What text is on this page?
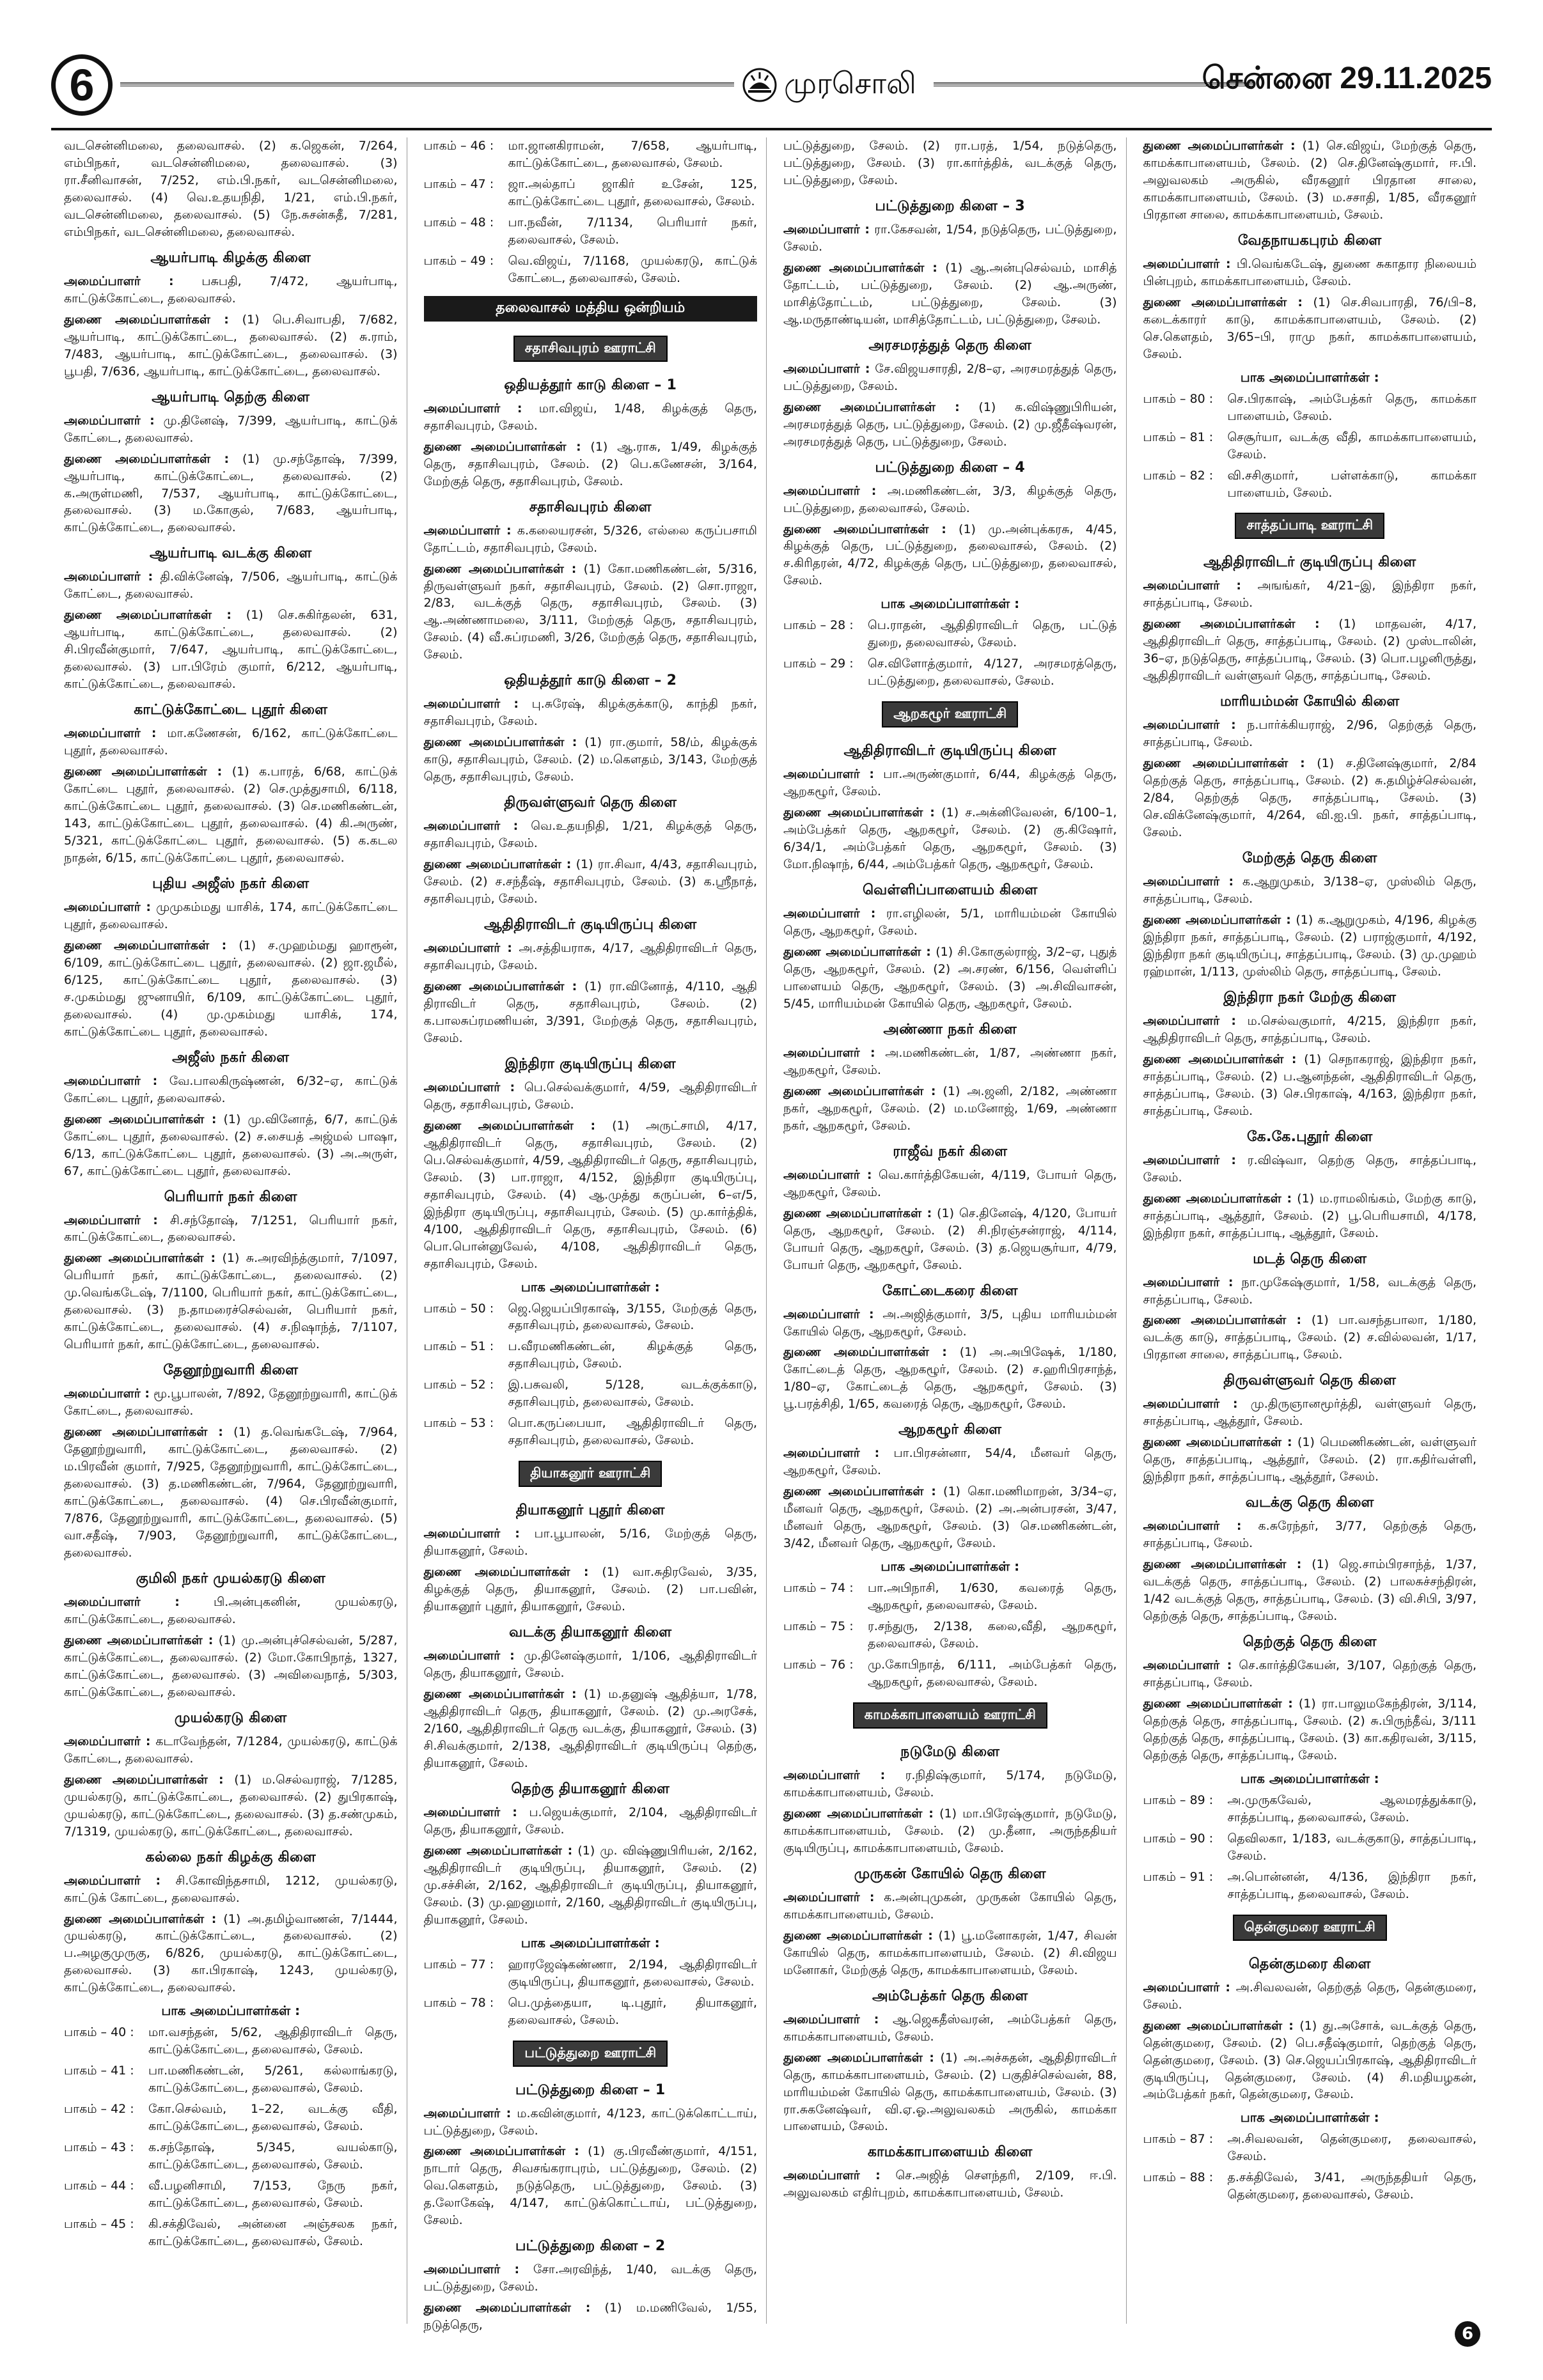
6	முரசொலி	சென்னை 29.11.2025
வடசென்னிமலை, தலைவாசல். (2) க.ஜெகன், 7/264, எம்பிநகர், வடசென்னிமலை, தலைவாசல். (3) ரா.சீனிவாசன், 7/252, எம்.பி.நகர், வடசென்னிமலை, தலைவாசல். (4) வெ.உதயநிதி, 1/21, எம்.பி.நகர், வடசென்னிமலை, தலைவாசல். (5) நே.சுசன்சுதீ, 7/281, எம்பிநகர், வடசென்னிமலை, தலைவாசல்.
ஆயர்பாடி கிழக்கு கிளை
அமைப்பாளர் : பசுபதி, 7/472, ஆயர்பாடி, காட்டுக்கோட்டை, தலைவாசல்.
துணை அமைப்பாளர்கள் : (1) பெ.சிவாபதி, 7/682, ஆயர்பாடி, காட்டுக்கோட்டை, தலைவாசல். (2) சு.ராம், 7/483, ஆயர்பாடி, காட்டுக்கோட்டை, தலைவாசல். (3) பூபதி, 7/636, ஆயர்பாடி, காட்டுக்கோட்டை, தலைவாசல்.
ஆயர்பாடி தெற்கு கிளை
அமைப்பாளர் : மு.தினேஷ், 7/399, ஆயர்பாடி, காட்டுக் கோட்டை, தலைவாசல்.
துணை அமைப்பாளர்கள் : (1) மு.சந்தோஷ், 7/399, ஆயர்பாடி, காட்டுக்கோட்டை, தலைவாசல். (2) க.அருள்மணி, 7/537, ஆயர்பாடி, காட்டுக்கோட்டை, தலைவாசல். (3) ம.கோகுல், 7/683, ஆயர்பாடி, காட்டுக்கோட்டை, தலைவாசல்.
ஆயர்பாடி வடக்கு கிளை
அமைப்பாளர் : தி.விக்னேஷ், 7/506, ஆயர்பாடி, காட்டுக் கோட்டை, தலைவாசல்.
துணை அமைப்பாளர்கள் : (1) செ.சுகிர்தலன், 631, ஆயர்பாடி, காட்டுக்கோட்டை, தலைவாசல். (2) சி.பிரவீன்குமார், 7/647, ஆயர்பாடி, காட்டுக்கோட்டை, தலைவாசல். (3) பா.பிரேம் குமார், 6/212, ஆயர்பாடி, காட்டுக்கோட்டை, தலைவாசல்.
காட்டுக்கோட்டை புதூர் கிளை
அமைப்பாளர் : மா.கணேசன், 6/162, காட்டுக்கோட்டை புதூர், தலைவாசல்.
துணை அமைப்பாளர்கள் : (1) க.பாரத், 6/68, காட்டுக் கோட்டை புதூர், தலைவாசல். (2) செ.முத்துசாமி, 6/118, காட்டுக்கோட்டை புதூர், தலைவாசல். (3) செ.மணிகண்டன், 143, காட்டுக்கோட்டை புதூர், தலைவாசல். (4) கி.அருண், 5/321, காட்டுக்கோட்டை புதூர், தலைவாசல். (5) க.கடல நாதன், 6/15, காட்டுக்கோட்டை புதூர், தலைவாசல்.
புதிய அஜீஸ் நகர் கிளை
அமைப்பாளர் : முமுகம்மது யாசிக், 174, காட்டுக்கோட்டை புதூர், தலைவாசல்.
துணை அமைப்பாளர்கள் : (1) ச.முஹம்மது ஹாரூன், 6/109, காட்டுக்கோட்டை புதூர், தலைவாசல். (2) ஜா.ஜமீல், 6/125, காட்டுக்கோட்டை புதூர், தலைவாசல். (3) ச.முகம்மது ஜுனாயிர், 6/109, காட்டுக்கோட்டை புதூர், தலைவாசல். (4) மு.முகம்மது யாசிக், 174, காட்டுக்கோட்டை புதூர், தலைவாசல்.
அஜீஸ் நகர் கிளை
அமைப்பாளர் : வே.பாலகிருஷ்ணன், 6/32–ஏ, காட்டுக் கோட்டை புதூர், தலைவாசல்.
துணை அமைப்பாளர்கள் : (1) மு.வினோத், 6/7, காட்டுக் கோட்டை புதூர், தலைவாசல். (2) ச.சையத் அஜ்மல் பாஷா, 6/13, காட்டுக்கோட்டை புதூர், தலைவாசல். (3) அ.அருள், 67, காட்டுக்கோட்டை புதூர், தலைவாசல்.
பெரியார் நகர் கிளை
அமைப்பாளர் : சி.சந்தோஷ், 7/1251, பெரியார் நகர், காட்டுக்கோட்டை, தலைவாசல்.
துணை அமைப்பாளர்கள் : (1) சு.அரவிந்த்குமார், 7/1097, பெரியார் நகர், காட்டுக்கோட்டை, தலைவாசல். (2) மு.வெங்கடேஷ், 7/1100, பெரியார் நகர், காட்டுக்கோட்டை, தலைவாசல். (3) ந.தாமரைச்செல்வன், பெரியார் நகர், காட்டுக்கோட்டை, தலைவாசல். (4) ச.நிஷாந்த், 7/1107, பெரியார் நகர், காட்டுக்கோட்டை, தலைவாசல்.
தேனூற்றுவாரி கிளை
அமைப்பாளர் : மூ.பூபாலன், 7/892, தேனூற்றுவாரி, காட்டுக் கோட்டை, தலைவாசல்.
துணை அமைப்பாளர்கள் : (1) த.வெங்கடேஷ், 7/964, தேனூற்றுவாரி, காட்டுக்கோட்டை, தலைவாசல். (2) ம.பிரவீன் குமார், 7/925, தேனூற்றுவாரி, காட்டுக்கோட்டை, தலைவாசல். (3) த.மணிகண்டன், 7/964, தேனூற்றுவாரி, காட்டுக்கோட்டை, தலைவாசல். (4) செ.பிரவீன்குமார், 7/876, தேனூற்றுவாரி, காட்டுக்கோட்டை, தலைவாசல். (5) வா.சதீஷ், 7/903, தேனூற்றுவாரி, காட்டுக்கோட்டை, தலைவாசல்.
குமிலி நகர் முயல்கரடு கிளை
அமைப்பாளர் :	பி.அன்புகனின், முயல்கரடு, காட்டுக்கோட்டை, தலைவாசல்.
துணை அமைப்பாளர்கள் : (1) மு.அன்புச்செல்வன், 5/287, காட்டுக்கோட்டை, தலைவாசல். (2) மோ.கோபிநாத், 1327, காட்டுக்கோட்டை, தலைவாசல். (3) அவிவைநாத், 5/303, காட்டுக்கோட்டை, தலைவாசல்.
முயல்கரடு கிளை
அமைப்பாளர் : கடாவேந்தன், 7/1284, முயல்கரடு, காட்டுக் கோட்டை, தலைவாசல்.
துணை அமைப்பாளர்கள் : (1) ம.செல்வராஜ், 7/1285, முயல்கரடு, காட்டுக்கோட்டை, தலைவாசல். (2) துபிரகாஷ், முயல்கரடு, காட்டுக்கோட்டை, தலைவாசல். (3) த.சண்முகம், 7/1319, முயல்கரடு, காட்டுக்கோட்டை, தலைவாசல்.
கல்லை நகர் கிழக்கு கிளை
அமைப்பாளர் : சி.கோவிந்தசாமி, 1212, முயல்கரடு, காட்டுக் கோட்டை, தலைவாசல்.
துணை அமைப்பாளர்கள் : (1) அ.தமிழ்வாணன், 7/1444, முயல்கரடு, காட்டுக்கோட்டை, தலைவாசல். (2) ப.அழகுமுருகு, 6/826, முயல்கரடு, காட்டுக்கோட்டை, தலைவாசல். (3) கா.பிரகாஷ், 1243, முயல்கரடு, காட்டுக்கோட்டை, தலைவாசல்.
பாக அமைப்பாளர்கள் :
பாகம் – 40 :	மா.வசந்தன், 5/62, ஆதிதிராவிடர் தெரு, காட்டுக்கோட்டை, தலைவாசல், சேலம்.
பாகம் – 41 :	பா.மணிகண்டன், 5/261, கல்லாங்கரடு, காட்டுக்கோட்டை, தலைவாசல், சேலம்.
பாகம் – 42 :	கோ.செல்வம், 1–22, வடக்கு வீதி, காட்டுக்கோட்டை, தலைவாசல், சேலம்.
பாகம் – 43 :	க.சந்தோஷ், 5/345, வயல்காடு, காட்டுக்கோட்டை, தலைவாசல், சேலம்.
பாகம் – 44 :	வீ.பழனிசாமி, 7/153, நேரு நகர், காட்டுக்கோட்டை, தலைவாசல், சேலம்.
பாகம் – 45 :	கி.சக்திவேல், அன்னை அஞ்சலக நகர், காட்டுக்கோட்டை, தலைவாசல், சேலம்.
பாகம் – 46 :	மா.ஜானகிராமன், 7/658, ஆயர்பாடி, காட்டுக்கோட்டை, தலைவாசல், சேலம்.
பாகம் – 47 :	ஜா.அல்தாப் ஜாகிர் உசேன், 125, காட்டுக்கோட்டை புதூர், தலைவாசல், சேலம்.
பாகம் – 48 :	பா.நவீன், 7/1134, பெரியார் நகர், தலைவாசல், சேலம்.
பாகம் – 49 :	வெ.விஜய், 7/1168, முயல்கரடு, காட்டுக் கோட்டை, தலைவாசல், சேலம்.
தலைவாசல் மத்திய ஒன்றியம்
சதாசிவபுரம் ஊராட்சி
ஒதியத்தூர் காடு கிளை – 1
அமைப்பாளர் : மா.விஜய், 1/48, கிழக்குத் தெரு, சதாசிவபுரம், சேலம்.
துணை அமைப்பாளர்கள் : (1) ஆ.ராசு, 1/49, கிழக்குத் தெரு, சதாசிவபுரம், சேலம். (2) பெ.கணேசன், 3/164, மேற்குத் தெரு, சதாசிவபுரம், சேலம்.
சதாசிவபுரம் கிளை
அமைப்பாளர் : க.கலையரசன், 5/326, எல்லை கருப்பசாமி தோட்டம், சதாசிவபுரம், சேலம்.
துணை அமைப்பாளர்கள் : (1) கோ.மணிகண்டன், 5/316, திருவள்ளுவர் நகர், சதாசிவபுரம், சேலம். (2) சொ.ராஜா, 2/83, வடக்குத் தெரு, சதாசிவபுரம், சேலம். (3) ஆ.அண்ணாமலை, 3/111, மேற்குத் தெரு, சதாசிவபுரம், சேலம். (4) வீ.சுப்ரமணி, 3/26, மேற்குத் தெரு, சதாசிவபுரம், சேலம்.
ஒதியத்தூர் காடு கிளை – 2
அமைப்பாளர் : பு.சுரேஷ், கிழக்குக்காடு, காந்தி நகர், சதாசிவபுரம், சேலம்.
துணை அமைப்பாளர்கள் : (1) ரா.குமார், 58/ம், கிழக்குக் காடு, சதாசிவபுரம், சேலம். (2) ம.கௌதம், 3/143, மேற்குத் தெரு, சதாசிவபுரம், சேலம்.
திருவள்ளுவர் தெரு கிளை
அமைப்பாளர் : வெ.உதயநிதி, 1/21, கிழக்குத் தெரு, சதாசிவபுரம், சேலம்.
துணை அமைப்பாளர்கள் : (1) ரா.சிவா, 4/43, சதாசிவபுரம், சேலம். (2) ச.சந்தீஷ், சதாசிவபுரம், சேலம். (3) க.ஸ்ரீநாத், சதாசிவபுரம், சேலம்.
ஆதிதிராவிடர் குடியிருப்பு கிளை
அமைப்பாளர் : அ.சத்தியராசு, 4/17, ஆதிதிராவிடர் தெரு, சதாசிவபுரம், சேலம்.
துணை அமைப்பாளர்கள் : (1) ரா.வினோத், 4/110, ஆதி திராவிடர் தெரு, சதாசிவபுரம், சேலம். (2) க.பாலசுப்ரமணியன், 3/391, மேற்குத் தெரு, சதாசிவபுரம், சேலம்.
இந்திரா குடியிருப்பு கிளை
அமைப்பாளர் : பெ.செல்வக்குமார், 4/59, ஆதிதிராவிடர் தெரு, சதாசிவபுரம், சேலம்.
துணை அமைப்பாளர்கள் : (1) அருட்சாமி, 4/17, ஆதிதிராவிடர் தெரு, சதாசிவபுரம், சேலம். (2) பெ.செல்வக்குமார், 4/59, ஆதிதிராவிடர் தெரு, சதாசிவபுரம், சேலம். (3) பா.ராஜா, 4/152, இந்திரா குடியிருப்பு, சதாசிவபுரம், சேலம். (4) ஆ.முத்து கருப்பன், 6–எ/5, இந்திரா குடியிருப்பு, சதாசிவபுரம், சேலம். (5) மு.கார்த்திக், 4/100, ஆதிதிராவிடர் தெரு, சதாசிவபுரம், சேலம். (6) பொ.பொன்னுவேல், 4/108, ஆதிதிராவிடர் தெரு, சதாசிவபுரம், சேலம்.
பாக அமைப்பாளர்கள் :
பாகம் – 50 :	ஜெ.ஜெயப்பிரகாஷ், 3/155, மேற்குத் தெரு, சதாசிவபுரம், தலைவாசல், சேலம்.
பாகம் – 51 :	ப.வீரமணிகண்டன், கிழக்குத் தெரு, சதாசிவபுரம், சேலம்.
பாகம் – 52 :	இ.பசுவலி, 5/128, வடக்குக்காடு, சதாசிவபுரம், தலைவாசல், சேலம்.
பாகம் – 53 :	பொ.கருப்பையா, ஆதிதிராவிடர் தெரு, சதாசிவபுரம், தலைவாசல், சேலம்.
தியாகனூர் ஊராட்சி
தியாகனூர் புதூர் கிளை
அமைப்பாளர் : பா.பூபாலன், 5/16, மேற்குத் தெரு, தியாகனூர், சேலம்.
துணை அமைப்பாளர்கள் : (1) வா.சுதிரவேல், 3/35, கிழக்குத் தெரு, தியாகனூர், சேலம். (2) பா.பவின், தியாகனூர் புதூர், தியாகனூர், சேலம்.
வடக்கு தியாகனூர் கிளை
அமைப்பாளர் : மு.தினேஷ்குமார், 1/106, ஆதிதிராவிடர் தெரு, தியாகனூர், சேலம்.
துணை அமைப்பாளர்கள் : (1) ம.தனுஷ் ஆதித்யா, 1/78, ஆதிதிராவிடர் தெரு, தியாகனூர், சேலம். (2) மு.அரசேக், 2/160, ஆதிதிராவிடர் தெரு வடக்கு, தியாகனூர், சேலம். (3) சி.சிவக்குமார், 2/138, ஆதிதிராவிடர் குடியிருப்பு தெற்கு, தியாகனூர், சேலம்.
தெற்கு தியாகனூர் கிளை
அமைப்பாளர் : ப.ஜெயக்குமார், 2/104, ஆதிதிராவிடர் தெரு, தியாகனூர், சேலம்.
துணை அமைப்பாளர்கள் : (1) மு. விஷ்ணுபிரியன், 2/162, ஆதிதிராவிடர் குடியிருப்பு, தியாகனூர், சேலம். (2) மு.சச்சின், 2/162, ஆதிதிராவிடர் குடியிருப்பு, தியாகனூர், சேலம். (3) மு.ஹனுமார், 2/160, ஆதிதிராவிடர் குடியிருப்பு, தியாகனூர், சேலம்.
பாக அமைப்பாளர்கள் :
பாகம் – 77 :	ஹாரஜேஷ்கண்ணா, 2/194, ஆதிதிராவிடர் குடியிருப்பு, தியாகனூர், தலைவாசல், சேலம்.
பாகம் – 78 :	பெ.முத்தையா, டி.புதூர், தியாகனூர், தலைவாசல், சேலம்.
பட்டுத்துறை ஊராட்சி
பட்டுத்துறை கிளை – 1
அமைப்பாளர் : ம.கவின்குமார், 4/123, காட்டுக்கொட்டாய், பட்டுத்துறை, சேலம்.
துணை அமைப்பாளர்கள் : (1) கு.பிரவீண்குமார், 4/151, நாடார் தெரு, சிவசங்கராபுரம், பட்டுத்துறை, சேலம். (2) வெ.கௌதம், நடுத்தெரு, பட்டுத்துறை, சேலம். (3) த.லோகேஷ், 4/147, காட்டுக்கொட்டாய், பட்டுத்துறை, சேலம்.
பட்டுத்துறை கிளை – 2
அமைப்பாளர் : சோ.அரவிந்த், 1/40, வடக்கு தெரு, பட்டுத்துறை, சேலம்.
துணை அமைப்பாளர்கள் : (1) ம.மணிவேல், 1/55, நடுத்தெரு,
பட்டுத்துறை, சேலம். (2) ரா.பரத், 1/54, நடுத்தெரு, பட்டுத்துறை, சேலம். (3) ரா.கார்த்திக், வடக்குத் தெரு, பட்டுத்துறை, சேலம்.
பட்டுத்துறை கிளை – 3
அமைப்பாளர் : ரா.கேசவன், 1/54, நடுத்தெரு, பட்டுத்துறை, சேலம்.
துணை அமைப்பாளர்கள் : (1) ஆ.அன்புசெல்வம், மாசித் தோட்டம், பட்டுத்துறை, சேலம். (2) ஆ.அருண், மாசித்தோட்டம், பட்டுத்துறை, சேலம். (3) ஆ.மருதாண்டியன், மாசித்தோட்டம், பட்டுத்துறை, சேலம்.
அரசமரத்துத் தெரு கிளை
அமைப்பாளர் : சே.விஜயசாரதி, 2/8–ஏ, அரசமரத்துத் தெரு, பட்டுத்துறை, சேலம்.
துணை அமைப்பாளர்கள் : (1) க.விஷ்ணுபிரியன், அரசமரத்துத் தெரு, பட்டுத்துறை, சேலம். (2) மு.ஜீதீஷ்வரன், அரசமரத்துத் தெரு, பட்டுத்துறை, சேலம்.
பட்டுத்துறை கிளை – 4
அமைப்பாளர் : அ.மணிகண்டன், 3/3, கிழக்குத் தெரு, பட்டுத்துறை, தலைவாசல், சேலம்.
துணை அமைப்பாளர்கள் : (1) மு.அன்புக்கரசு, 4/45, கிழக்குத் தெரு, பட்டுத்துறை, தலைவாசல், சேலம். (2) ச.கிரிதரன், 4/72, கிழக்குத் தெரு, பட்டுத்துறை, தலைவாசல், சேலம்.
பாக அமைப்பாளர்கள் :
பாகம் – 28 :	பெ.ராதன், ஆதிதிராவிடர் தெரு, பட்டுத் துறை, தலைவாசல், சேலம்.
பாகம் – 29 :	செ.விளோத்குமார், 4/127, அரசமரத்தெரு, பட்டுத்துறை, தலைவாசல், சேலம்.
ஆறகழூர் ஊராட்சி
ஆதிதிராவிடர் குடியிருப்பு கிளை
அமைப்பாளர் : பா.அருண்குமார், 6/44, கிழக்குத் தெரு, ஆறகழூர், சேலம்.
துணை அமைப்பாளர்கள் : (1) ச.அக்னிவேலன், 6/100–1, அம்பேத்கர் தெரு, ஆறகழூர், சேலம். (2) கு.கிஷோர், 6/34/1, அம்பேத்கர் தெரு, ஆறகழூர், சேலம். (3) மோ.நிஷாந், 6/44, அம்பேத்கர் தெரு, ஆறகழூர், சேலம்.
வெள்ளிப்பாளையம் கிளை
அமைப்பாளர் : ரா.எழிலன், 5/1, மாரியம்மன் கோயில் தெரு, ஆறகழூர், சேலம்.
துணை அமைப்பாளர்கள் : (1) சி.கோகுல்ராஜ், 3/2–ஏ, புதுத் தெரு, ஆறகழூர், சேலம். (2) அ.சரண், 6/156, வெள்ளிப் பாளையம் தெரு, ஆறகழூர், சேலம். (3) அ.சிவிவாசன், 5/45, மாரியம்மன் கோயில் தெரு, ஆறகழூர், சேலம்.
அண்ணா நகர் கிளை
அமைப்பாளர் : அ.மணிகண்டன், 1/87, அண்ணா நகர், ஆறகழூர், சேலம்.
துணை அமைப்பாளர்கள் : (1) அ.ஜனி, 2/182, அண்ணா நகர், ஆறகழூர், சேலம். (2) ம.மனோஜ், 1/69, அண்ணா நகர், ஆறகழூர், சேலம்.
ராஜீவ் நகர் கிளை
அமைப்பாளர் : வெ.கார்த்திகேயன், 4/119, போயர் தெரு, ஆறகழூர், சேலம்.
துணை அமைப்பாளர்கள் : (1) செ.தினேஷ், 4/120, போயர் தெரு, ஆறகழூர், சேலம். (2) சி.நிரஞ்சன்ராஜ், 4/114, போயர் தெரு, ஆறகழூர், சேலம். (3) த.ஜெயசூர்யா, 4/79, போயர் தெரு, ஆறகழூர், சேலம்.
கோட்டைகரை கிளை
அமைப்பாளர் : அ.அஜித்குமார், 3/5, புதிய மாரியம்மன் கோயில் தெரு, ஆறகழூர், சேலம்.
துணை அமைப்பாளர்கள் : (1) அ.அபிஷேக், 1/180, கோட்டைத் தெரு, ஆறகழூர், சேலம். (2) ச.ஹரிபிரசாந்த், 1/80–ஏ, கோட்டைத் தெரு, ஆறகழூர், சேலம். (3) பூ.பரத்சிதி, 1/65, கவரைத் தெரு, ஆறகழூர், சேலம்.
ஆறகழூர் கிளை
அமைப்பாளர் : பா.பிரசன்னா, 54/4, மீனவர் தெரு, ஆறகழூர், சேலம்.
துணை அமைப்பாளர்கள் : (1) கொ.மணிமாறன், 3/34–ஏ, மீனவர் தெரு, ஆறகழூர், சேலம். (2) அ.அன்பரசன், 3/47, மீனவர் தெரு, ஆறகழூர், சேலம். (3) செ.மணிகண்டன், 3/42, மீனவர் தெரு, ஆறகழூர், சேலம்.
பாக அமைப்பாளர்கள் :
பாகம் – 74 :	பா.அபிநாசி, 1/630, கவரைத் தெரு, ஆறகழூர், தலைவாசல், சேலம்.
பாகம் – 75 :	ர.சந்துரு, 2/138, கலை,வீதி, ஆறகழூர், தலைவாசல், சேலம்.
பாகம் – 76 :	மு.கோபிநாத், 6/111, அம்பேத்கர் தெரு, ஆறகழூர், தலைவாசல், சேலம்.
காமக்காபாளையம் ஊராட்சி
நடுமேடு கிளை
அமைப்பாளர் : ர.நிதிஷ்குமார், 5/174, நடுமேடு, காமக்காபாளையம், சேலம்.
துணை அமைப்பாளர்கள் : (1) மா.பிரேஷ்குமார், நடுமேடு, காமக்காபாளையம், சேலம். (2) மு.தீனா, அருந்ததியர் குடியிருப்பு, காமக்காபாளையம், சேலம்.
முருகன் கோயில் தெரு கிளை
அமைப்பாளர் : க.அன்புமுகன், முருகன் கோயில் தெரு, காமக்காபாளையம், சேலம்.
துணை அமைப்பாளர்கள் : (1) பூ.மனோகரன், 1/47, சிவன் கோயில் தெரு, காமக்காபாளையம், சேலம். (2) சி.விஜய மனோகர், மேற்குத் தெரு, காமக்காபாளையம், சேலம்.
அம்பேத்கர் தெரு கிளை
அமைப்பாளர் : ஆ.ஜெகதீஸ்வரன், அம்பேத்கர் தெரு, காமக்காபாளையம், சேலம்.
துணை அமைப்பாளர்கள் : (1) அ.அச்சுதன், ஆதிதிராவிடர் தெரு, காமக்காபாளையம், சேலம். (2) பகுதிச்செல்வன், 88, மாரியம்மன் கோயில் தெரு, காமக்காபாளையம், சேலம். (3) ரா.சுகனேஷ்வர், வி.ஏ.ஓ.அலுவலகம் அருகில், காமக்கா பாளையம், சேலம்.
காமக்காபாளையம் கிளை
அமைப்பாளர் : செ.அஜித் சௌந்தரி, 2/109, ஈ.பி. அலுவலகம் எதிர்புறம், காமக்காபாளையம், சேலம்.
துணை அமைப்பாளர்கள் : (1) செ.விஜய், மேற்குத் தெரு, காமக்காபாளையம், சேலம். (2) செ.தினேஷ்குமார், ஈ.பி. அலுவலகம் அருகில், வீரகனூர் பிரதான சாலை, காமக்காபாளையம், சேலம். (3) ம.சசாதி, 1/85, வீரகனூர் பிரதான சாலை, காமக்காபாளையம், சேலம்.
வேதநாயகபுரம் கிளை
அமைப்பாளர் : பி.வெங்கடேஷ், துணை சுகாதார நிலையம் பின்புறம், காமக்காபாளையம், சேலம்.
துணை அமைப்பாளர்கள் : (1) செ.சிவபாரதி, 76/பி–8, கடைக்காரர் காடு, காமக்காபாளையம், சேலம். (2) செ.கௌதம், 3/65–பி, ராமு நகர், காமக்காபாளையம், சேலம்.
பாக அமைப்பாளர்கள் :
பாகம் – 80 :	செ.பிரகாஷ், அம்பேத்கர் தெரு, காமக்கா பாளையம், சேலம்.
பாகம் – 81 :	செசூர்யா, வடக்கு வீதி, காமக்காபாளையம், சேலம்.
பாகம் – 82 :	வி.சசிகுமார், பள்ளக்காடு, காமக்கா பாளையம், சேலம்.
சாத்தப்பாடி ஊராட்சி
ஆதிதிராவிடர் குடியிருப்பு கிளை
அமைப்பாளர் : அஙங்கர், 4/21–இ, இந்திரா நகர், சாத்தப்பாடி, சேலம்.
துணை அமைப்பாளர்கள் : (1) மாதவன், 4/17, ஆதிதிராவிடர் தெரு, சாத்தப்பாடி, சேலம். (2) முஸ்டாலின், 36–ஏ, நடுத்தெரு, சாத்தப்பாடி, சேலம். (3) பொ.பழனிருத்து, ஆதிதிராவிடர் வள்ளுவர் தெரு, சாத்தப்பாடி, சேலம்.
மாரியம்மன் கோயில் கிளை
அமைப்பாளர் : ந.பார்க்கியராஜ், 2/96, தெற்குத் தெரு, சாத்தப்பாடி, சேலம்.
துணை அமைப்பாளர்கள் : (1) ச.தினேஷ்குமார், 2/84 தெற்குத் தெரு, சாத்தப்பாடி, சேலம். (2) சு.தமிழ்ச்செல்வன், 2/84, தெற்குத் தெரு, சாத்தப்பாடி, சேலம். (3) செ.விக்னேஷ்குமார், 4/264, வி.ஐ.பி. நகர், சாத்தப்பாடி, சேலம்.
மேற்குத் தெரு கிளை
அமைப்பாளர் : க.ஆறுமுகம், 3/138–ஏ, முஸ்லிம் தெரு, சாத்தப்பாடி, சேலம்.
துணை அமைப்பாளர்கள் : (1) க.ஆறுமுகம், 4/196, கிழக்கு இந்திரா நகர், சாத்தப்பாடி, சேலம். (2) பராஜ்குமார், 4/192, இந்திரா நகர் குடியிருப்பு, சாத்தப்பாடி, சேலம். (3) மு.முஹம் ரஹ்மான், 1/113, முஸ்லிம் தெரு, சாத்தப்பாடி, சேலம்.
இந்திரா நகர் மேற்கு கிளை
அமைப்பாளர் : ம.செல்வகுமார், 4/215, இந்திரா நகர், ஆதிதிராவிடர் தெரு, சாத்தப்பாடி, சேலம்.
துணை அமைப்பாளர்கள் : (1) செநாகராஜ், இந்திரா நகர், சாத்தப்பாடி, சேலம். (2) ப.ஆனந்தன், ஆதிதிராவிடர் தெரு, சாத்தப்பாடி, சேலம். (3) செ.பிரகாஷ், 4/163, இந்திரா நகர், சாத்தப்பாடி, சேலம்.
கே.கே.புதூர் கிளை
அமைப்பாளர் : ர.விஷ்வா, தெற்கு தெரு, சாத்தப்பாடி, சேலம்.
துணை அமைப்பாளர்கள் : (1) ம.ராமலிங்கம், மேற்கு காடு, சாத்தப்பாடி, ஆத்தூர், சேலம். (2) பூ.பெரியசாமி, 4/178, இந்திரா நகர், சாத்தப்பாடி, ஆத்தூர், சேலம்.
மடத் தெரு கிளை
அமைப்பாளர் : நா.முகேஷ்குமார், 1/58, வடக்குத் தெரு, சாத்தப்பாடி, சேலம்.
துணை அமைப்பாளர்கள் : (1) பா.வசந்தபாலா, 1/180, வடக்கு காடு, சாத்தப்பாடி, சேலம். (2) ச.வில்லவன், 1/17, பிரதான சாலை, சாத்தப்பாடி, சேலம்.
திருவள்ளுவர் தெரு கிளை
அமைப்பாளர் : மு.திருஞானமூர்த்தி, வள்ளுவர் தெரு, சாத்தப்பாடி, ஆத்தூர், சேலம்.
துணை அமைப்பாளர்கள் : (1) பெமணிகண்டன், வள்ளுவர் தெரு, சாத்தப்பாடி, ஆத்தூர், சேலம். (2) ரா.கதிர்வள்ளி, இந்திரா நகர், சாத்தப்பாடி, ஆத்தூர், சேலம்.
வடக்கு தெரு கிளை
அமைப்பாளர் : க.சுரேந்தர், 3/77, தெற்குத் தெரு, சாத்தப்பாடி, சேலம்.
துணை அமைப்பாளர்கள் : (1) ஜெ.சாம்பிரசாந்த், 1/37, வடக்குத் தெரு, சாத்தப்பாடி, சேலம். (2) பாலசுச்சந்திரன், 1/42 வடக்குத் தெரு, சாத்தப்பாடி, சேலம். (3) வி.சிபி, 3/97, தெற்குத் தெரு, சாத்தப்பாடி, சேலம்.
தெற்குத் தெரு கிளை
அமைப்பாளர் : செ.கார்த்திகேயன், 3/107, தெற்குத் தெரு, சாத்தப்பாடி, சேலம்.
துணை அமைப்பாளர்கள் : (1) ரா.பாலுமகேந்திரன், 3/114, தெற்குத் தெரு, சாத்தப்பாடி, சேலம். (2) சு.பிருந்தீவ், 3/111 தெற்குத் தெரு, சாத்தப்பாடி, சேலம். (3) கா.கதிரவன், 3/115, தெற்குத் தெரு, சாத்தப்பாடி, சேலம்.
பாக அமைப்பாளர்கள் :
பாகம் – 89 :	அ.முருகவேல், ஆலமரத்துக்காடு, சாத்தப்பாடி, தலைவாசல், சேலம்.
பாகம் – 90 :	தெவிலகா, 1/183, வடக்குகாடு, சாத்தப்பாடி, சேலம்.
பாகம் – 91 :	அ.பொன்னன், 4/136, இந்திரா நகர், சாத்தப்பாடி, தலைவாசல், சேலம்.
தென்குமரை ஊராட்சி
தென்குமரை கிளை
அமைப்பாளர் : அ.சிவலவன், தெற்குத் தெரு, தென்குமரை, சேலம்.
துணை அமைப்பாளர்கள் : (1) து.அசோக், வடக்குத் தெரு, தென்குமரை, சேலம். (2) பெ.சதீஷ்குமார், தெற்குத் தெரு, தென்குமரை, சேலம். (3) செ.ஜெயப்பிரகாஷ், ஆதிதிராவிடர் குடியிருப்பு, தென்குமரை, சேலம். (4) சி.மதியழகன், அம்பேத்கர் நகர், தென்குமரை, சேலம்.
பாக அமைப்பாளர்கள் :
பாகம் – 87 :	அ.சிவலவன், தென்குமரை, தலைவாசல், சேலம்.
பாகம் – 88 :	த.சக்திவேல், 3/41, அருந்ததியர் தெரு, தென்குமரை, தலைவாசல், சேலம்.
6
